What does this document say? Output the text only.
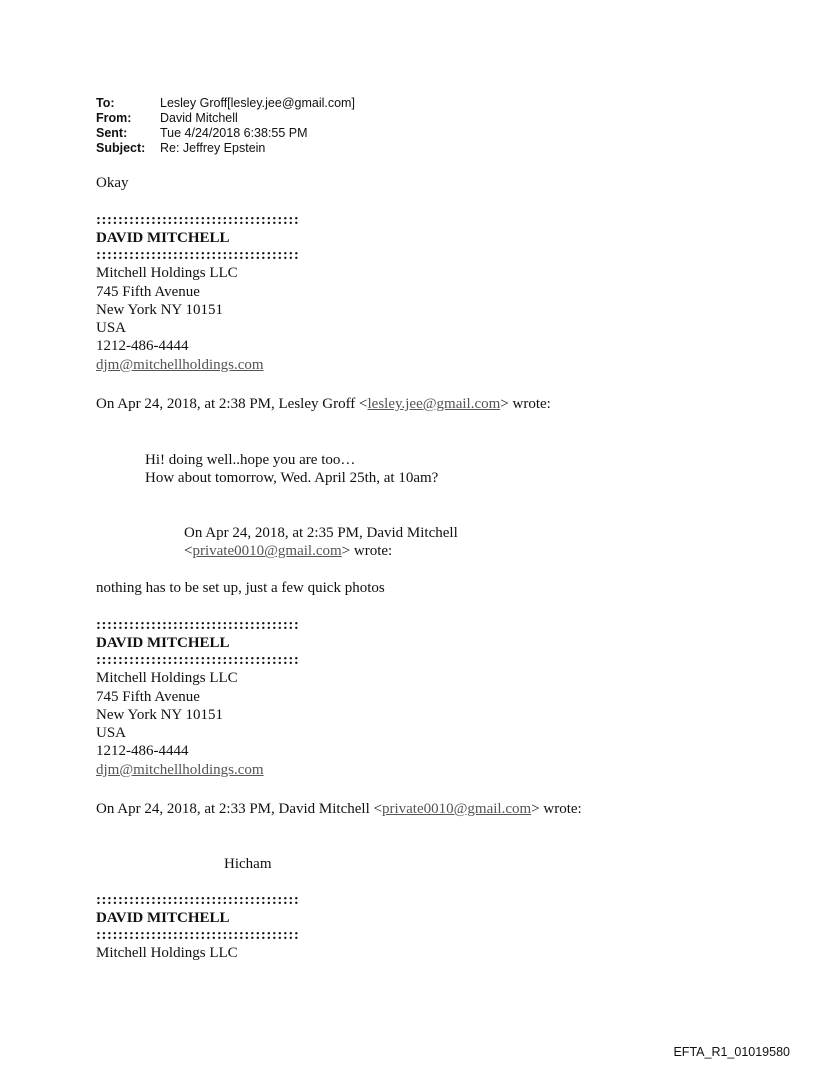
To:	Lesley Groff[lesley.jee@gmail.com]
From:	David Mitchell
Sent:	Tue 4/24/2018 6:38:55 PM
Subject:	Re: Jeffrey Epstein
Okay
:::::::::::::::::::::::::::::::::::::
DAVID MITCHELL
:::::::::::::::::::::::::::::::::::::
Mitchell Holdings LLC
745 Fifth Avenue
New York NY 10151
USA
1212-486-4444
djm@mitchellholdings.com
On Apr 24, 2018, at 2:38 PM, Lesley Groff <lesley.jee@gmail.com> wrote:
Hi! doing well..hope you are too…
How about tomorrow, Wed. April 25th, at 10am?
On Apr 24, 2018, at 2:35 PM, David Mitchell
<private0010@gmail.com> wrote:
nothing has to be set up, just a few quick photos
:::::::::::::::::::::::::::::::::::::
DAVID MITCHELL
:::::::::::::::::::::::::::::::::::::
Mitchell Holdings LLC
745 Fifth Avenue
New York NY 10151
USA
1212-486-4444
djm@mitchellholdings.com
On Apr 24, 2018, at 2:33 PM, David Mitchell <private0010@gmail.com> wrote:
Hicham
:::::::::::::::::::::::::::::::::::::
DAVID MITCHELL
:::::::::::::::::::::::::::::::::::::
Mitchell Holdings LLC
EFTA_R1_01019580
